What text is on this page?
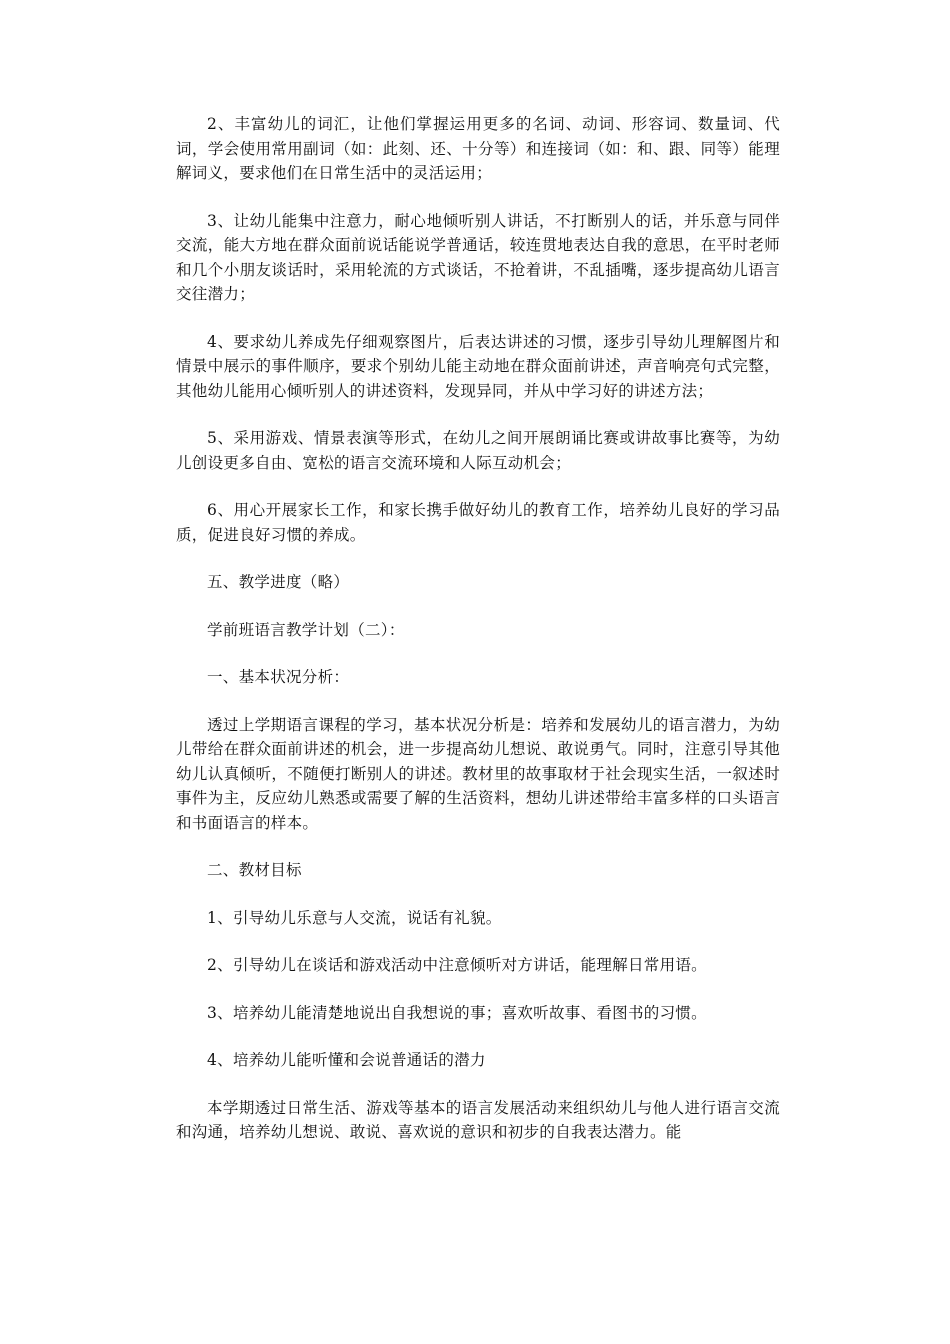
2、丰富幼儿的词汇，让他们掌握运用更多的名词、动词、形容词、数量词、代词，学会使用常用副词（如：此刻、还、十分等）和连接词（如：和、跟、同等）能理解词义，要求他们在日常生活中的灵活运用；

3、让幼儿能集中注意力，耐心地倾听别人讲话，不打断别人的话，并乐意与同伴交流，能大方地在群众面前说话能说学普通话，较连贯地表达自我的意思，在平时老师和几个小朋友谈话时，采用轮流的方式谈话，不抢着讲，不乱插嘴，逐步提高幼儿语言交往潜力；

4、要求幼儿养成先仔细观察图片，后表达讲述的习惯，逐步引导幼儿理解图片和情景中展示的事件顺序，要求个别幼儿能主动地在群众面前讲述，声音响亮句式完整，其他幼儿能用心倾听别人的讲述资料，发现异同，并从中学习好的讲述方法；

5、采用游戏、情景表演等形式，在幼儿之间开展朗诵比赛或讲故事比赛等，为幼儿创设更多自由、宽松的语言交流环境和人际互动机会；

6、用心开展家长工作，和家长携手做好幼儿的教育工作，培养幼儿良好的学习品质，促进良好习惯的养成。

五、教学进度（略）

学前班语言教学计划（二）：

一、基本状况分析：

透过上学期语言课程的学习，基本状况分析是：培养和发展幼儿的语言潜力，为幼儿带给在群众面前讲述的机会，进一步提高幼儿想说、敢说勇气。同时，注意引导其他幼儿认真倾听，不随便打断别人的讲述。教材里的故事取材于社会现实生活，一叙述时事件为主，反应幼儿熟悉或需要了解的生活资料，想幼儿讲述带给丰富多样的口头语言和书面语言的样本。

二、教材目标

1、引导幼儿乐意与人交流，说话有礼貌。

2、引导幼儿在谈话和游戏活动中注意倾听对方讲话，能理解日常用语。

3、培养幼儿能清楚地说出自我想说的事；喜欢听故事、看图书的习惯。

4、培养幼儿能听懂和会说普通话的潜力

本学期透过日常生活、游戏等基本的语言发展活动来组织幼儿与他人进行语言交流和沟通，培养幼儿想说、敢说、喜欢说的意识和初步的自我表达潜力。能
